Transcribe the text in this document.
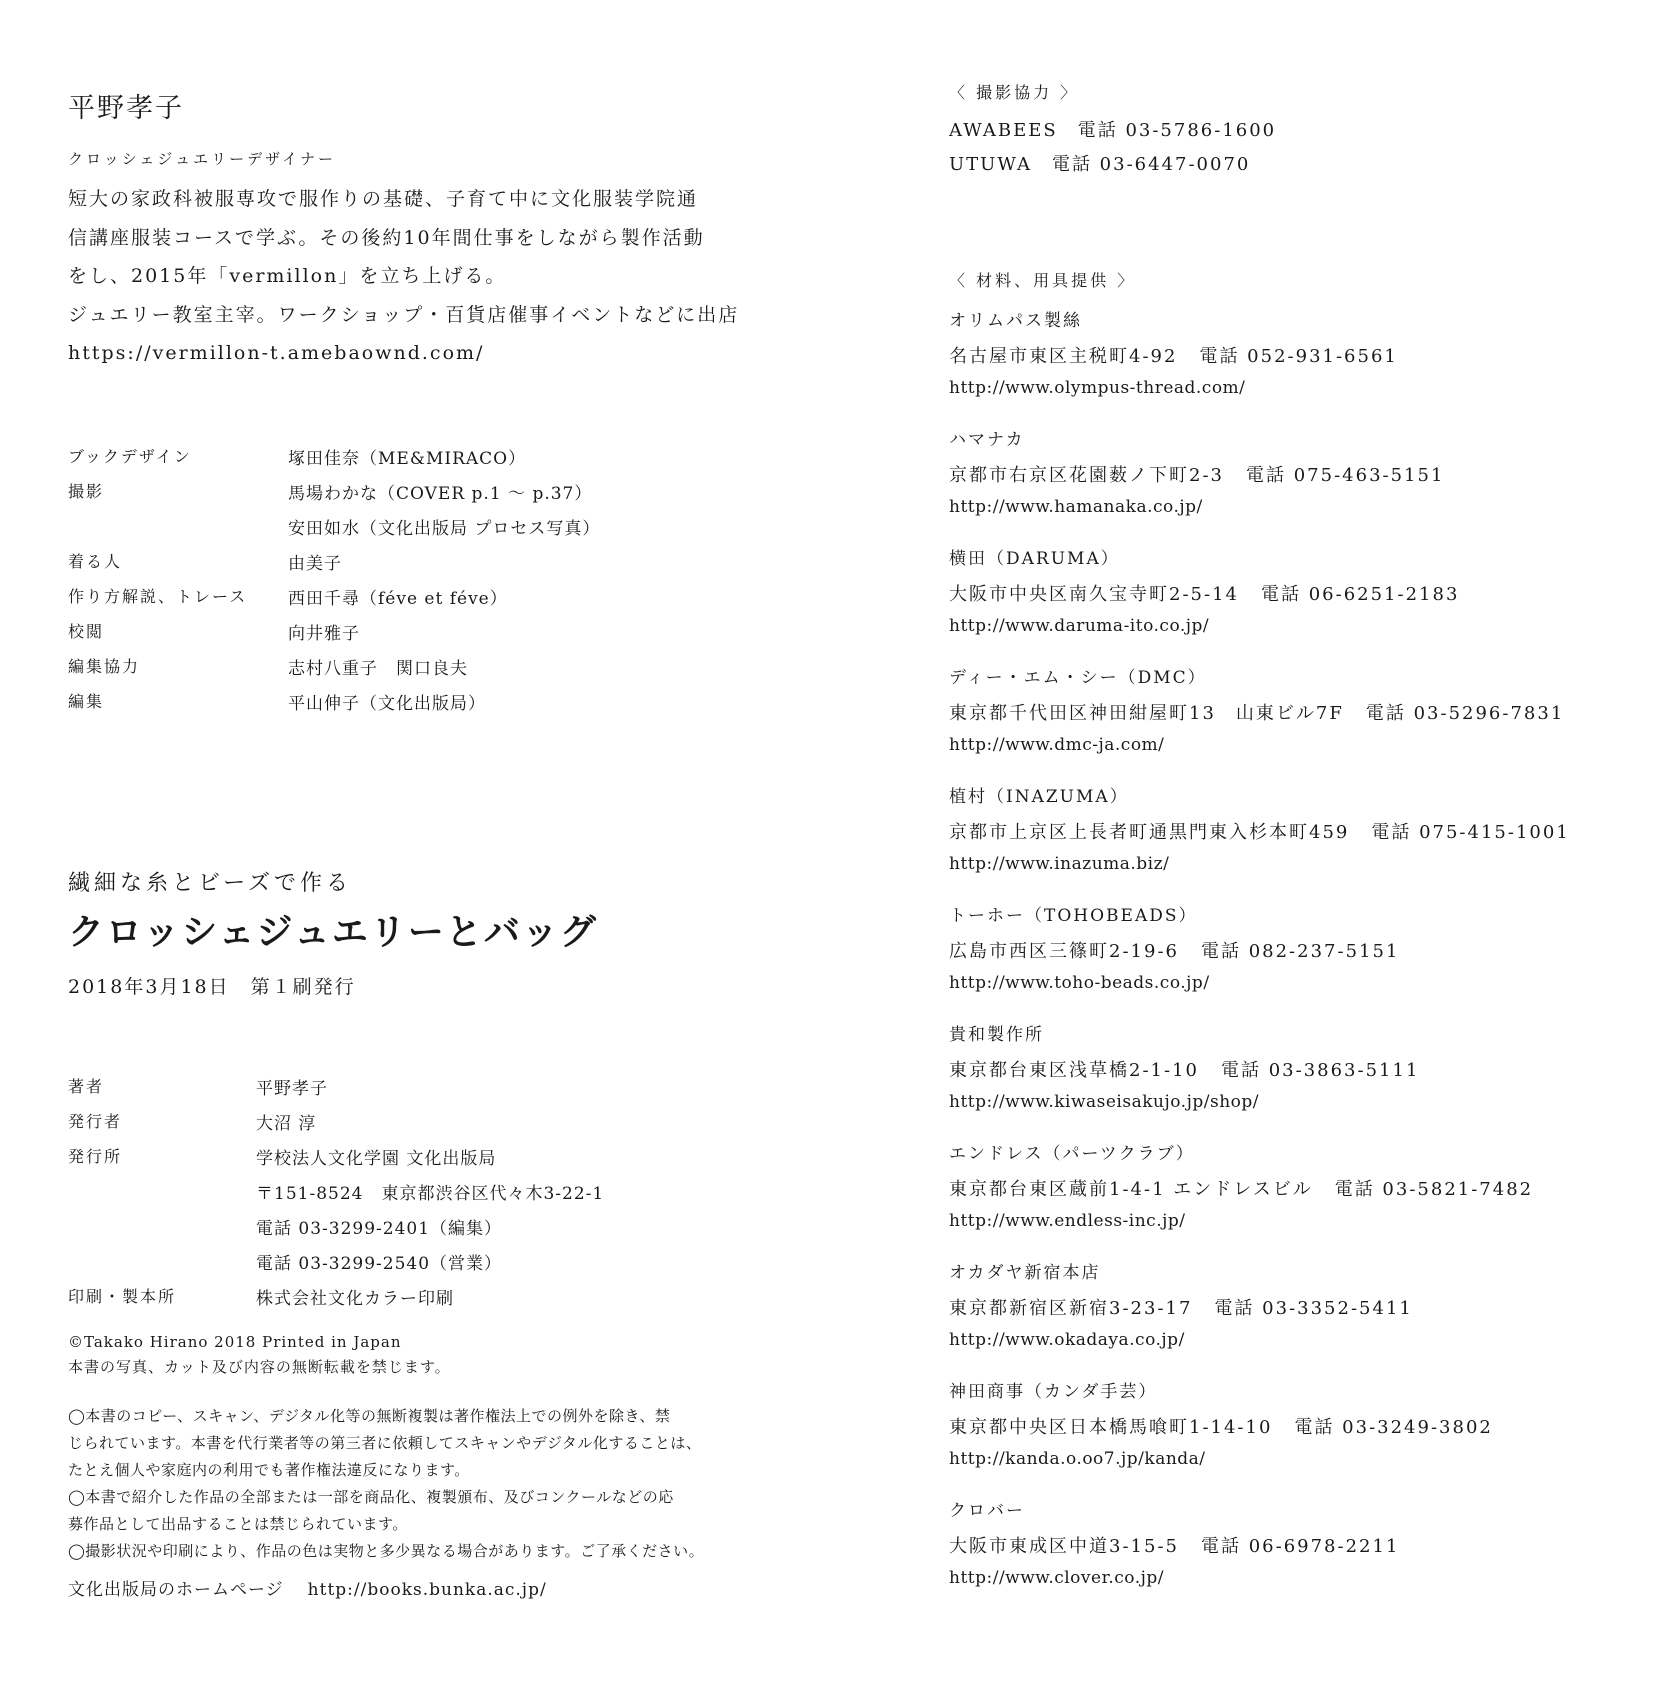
平野孝子
クロッシェジュエリーデザイナー
短大の家政科被服専攻で服作りの基礎、子育て中に文化服装学院通
信講座服装コースで学ぶ。その後約10年間仕事をしながら製作活動
をし、2015年「vermillon」を立ち上げる。
ジュエリー教室主宰。ワークショップ・百貨店催事イベントなどに出店
https://vermillon-t.amebaownd.com/
ブックデザイン	塚田佳奈（ME&MIRACO）
撮影	馬場わかな（COVER p.1 ～ p.37）
安田如水（文化出版局 プロセス写真）
着る人	由美子
作り方解説、トレース 西田千尋（féve et féve）
校閲	向井雅子
編集協力	志村八重子　関口良夫
編集	平山伸子（文化出版局）
繊細な糸とビーズで作る
クロッシェジュエリーとバッグ
2018年3月18日　第１刷発行
著者	平野孝子
発行者	大沼 淳
発行所	学校法人文化学園 文化出版局
〒151-8524　東京都渋谷区代々木3-22-1
電話 03-3299-2401（編集）
電話 03-3299-2540（営業）
印刷・製本所	株式会社文化カラー印刷
©Takako Hirano 2018 Printed in Japan
本書の写真、カット及び内容の無断転載を禁じます。
◯本書のコピー、スキャン、デジタル化等の無断複製は著作権法上での例外を除き、禁
じられています。本書を代行業者等の第三者に依頼してスキャンやデジタル化することは、
たとえ個人や家庭内の利用でも著作権法違反になります。
◯本書で紹介した作品の全部または一部を商品化、複製頒布、及びコンクールなどの応
募作品として出品することは禁じられています。
◯撮影状況や印刷により、作品の色は実物と多少異なる場合があります。ご了承ください。
文化出版局のホームページ http://books.bunka.ac.jp/
〈 撮影協力 〉
AWABEES 電話 03-5786-1600
UTUWA 電話 03-6447-0070
〈 材料、用具提供 〉
オリムパス製絲
名古屋市東区主税町4-92 電話 052-931-6561
http://www.olympus-thread.com/
ハマナカ
京都市右京区花園薮ノ下町2-3 電話 075-463-5151
http://www.hamanaka.co.jp/
横田（DARUMA）
大阪市中央区南久宝寺町2-5-14 電話 06-6251-2183
http://www.daruma-ito.co.jp/
ディー・エム・シー（DMC）
東京都千代田区神田紺屋町13　山東ビル7F 電話 03-5296-7831
http://www.dmc-ja.com/
植村（INAZUMA）
京都市上京区上長者町通黒門東入杉本町459 電話 075-415-1001
http://www.inazuma.biz/
トーホー（TOHOBEADS）
広島市西区三篠町2-19-6 電話 082-237-5151
http://www.toho-beads.co.jp/
貴和製作所
東京都台東区浅草橋2-1-10 電話 03-3863-5111
http://www.kiwaseisakujo.jp/shop/
エンドレス（パーツクラブ）
東京都台東区蔵前1-4-1 エンドレスビル 電話 03-5821-7482
http://www.endless-inc.jp/
オカダヤ新宿本店
東京都新宿区新宿3-23-17 電話 03-3352-5411
http://www.okadaya.co.jp/
神田商事（カンダ手芸）
東京都中央区日本橋馬喰町1-14-10 電話 03-3249-3802
http://kanda.o.oo7.jp/kanda/
クロバー
大阪市東成区中道3-15-5 電話 06-6978-2211
http://www.clover.co.jp/
